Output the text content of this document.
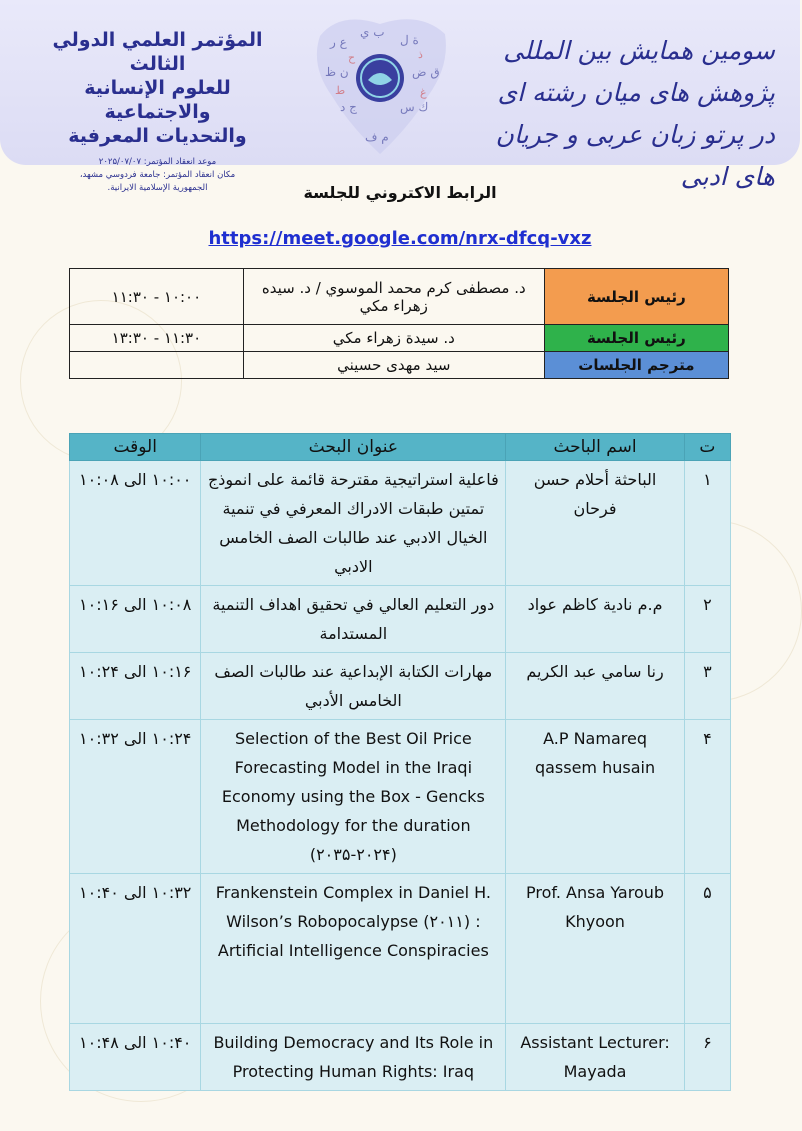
المؤتمر العلمي الدولي الثالث

للعلوم الإنسانية والاجتماعية

والتحديات المعرفية

موعد انعقاد المؤتمر: ۲۰۲۵/۰۷/۰۷
مكان انعقاد المؤتمر: جامعة فردوسي مشهد،
الجمهورية الإسلامية الايرانية.
ع ر
ب ي
ة ل
ن ظ	ق ض
ج د	ك س
م ف
ح	ذ
ط	غ
سومین همایش بین المللی پژوهش های میان رشته ای
در پرتو زبان عربی و جریان های ادبی
الرابط الاكتروني للجلسة
https://meet.google.com/nrx-dfcq-vxz
رئيس الجلسة	د. مصطفى كرم محمد الموسوي / د. سيده زهراء مكي	۱۰:۰۰ - ۱۱:۳۰
رئيس الجلسة	د. سيدة زهراء مكي	۱۱:۳۰ - ۱۳:۳۰
مترجم الجلسات	سيد مهدى حسيني	
ت	اسم الباحث	عنوان البحث	الوقت
۱	الباحثة أحلام حسن فرحان	فاعلية استراتيجية مقترحة قائمة على انموذج تمتين طبقات الادراك المعرفي في تنمية الخيال الادبي عند طالبات الصف الخامس الادبي	۱۰:۰۰ الى ۱۰:۰۸
۲	م.م نادية كاظم عواد	دور التعليم العالي في تحقيق اهداف التنمية المستدامة	۱۰:۰۸ الى ۱۰:۱۶
۳	رنا سامي عبد الكريم	مهارات الكتابة الإبداعية عند طالبات الصف الخامس الأدبي	۱۰:۱۶ الى ۱۰:۲۴
۴	A.P Namareq qassem husain	Selection of the Best Oil Price Forecasting Model in the Iraqi Economy using the Box - Gencks Methodology for the duration (۲۰۳۵-۲۰۲۴)	۱۰:۲۴ الى ۱۰:۳۲
۵	Prof. Ansa Yaroub Khyoon	Frankenstein Complex in Daniel H. Wilson’s Robopocalypse (۲۰۱۱) : Artificial Intelligence Conspiracies	۱۰:۳۲ الى ۱۰:۴۰
۶	Assistant Lecturer: Mayada	Building Democracy and Its Role in Protecting Human Rights: Iraq	۱۰:۴۰ الى ۱۰:۴۸
